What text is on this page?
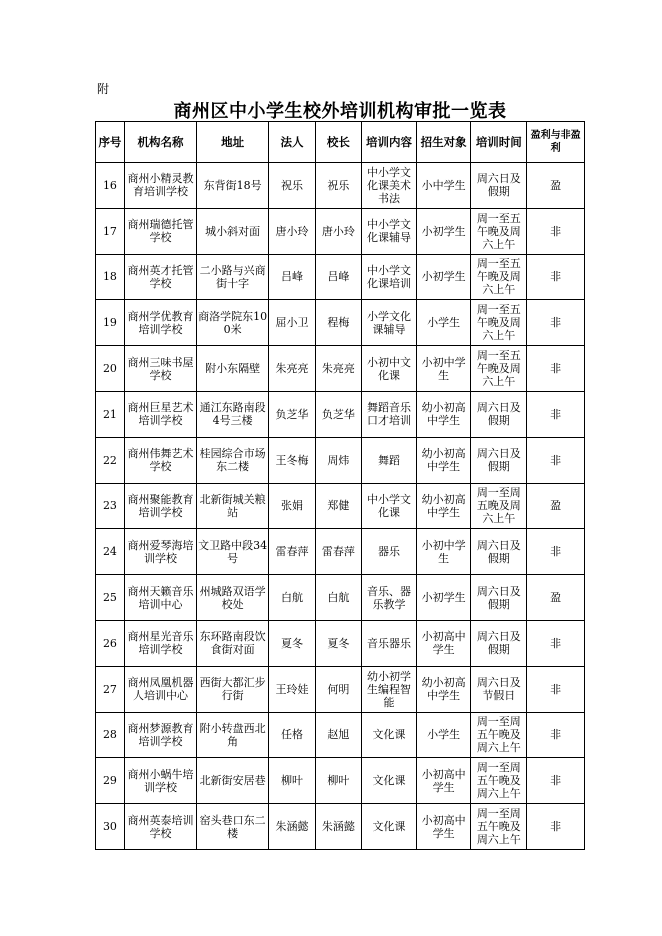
附
商州区中小学生校外培训机构审批一览表
序号	机构名称	地址	法人	校长	培训内容	招生对象	培训时间	盈利与非盈利
16	商州小精灵教育培训学校	东背街18号	祝乐	祝乐	中小学文化课美术书法	小中学生	周六日及假期	盈
17	商州瑞德托管学校	城小斜对面	唐小玲	唐小玲	中小学文化课辅导	小初学生	周一至五午晚及周六上午	非
18	商州英才托管学校	二小路与兴商街十字	吕峰	吕峰	中小学文化课培训	小初学生	周一至五午晚及周六上午	非
19	商州学优教育培训学校	商洛学院东100米	屈小卫	程梅	小学文化课辅导	小学生	周一至五午晚及周六上午	非
20	商州三味书屋学校	附小东隔壁	朱亮亮	朱亮亮	小初中文化课	小初中学生	周一至五午晚及周六上午	非
21	商州巨星艺术培训学校	通江东路南段4号三楼	负芝华	负芝华	舞蹈音乐口才培训	幼小初高中学生	周六日及假期	非
22	商州伟舞艺术学校	桂园综合市场东二楼	王冬梅	周炜	舞蹈	幼小初高中学生	周六日及假期	非
23	商州聚能教育培训学校	北新街城关粮站	张娟	郑健	中小学文化课	幼小初高中学生	周一至周五晚及周六上午	盈
24	商州爱琴海培训学校	文卫路中段34号	雷春萍	雷春萍	器乐	小初中学生	周六日及假期	非
25	商州天籁音乐培训中心	州城路双语学校处	白航	白航	音乐、器乐教学	小初学生	周六日及假期	盈
26	商州星光音乐培训学校	东环路南段饮食街对面	夏冬	夏冬	音乐器乐	小初高中学生	周六日及假期	非
27	商州凤凰机器人培训中心	西街大都汇步行街	王玲娃	何明	幼小初学生编程智能	幼小初高中学生	周六日及节假日	非
28	商州梦源教育培训学校	附小转盘西北角	任格	赵旭	文化课	小学生	周一至周五午晚及周六上午	非
29	商州小蜗牛培训学校	北新街安居巷	柳叶	柳叶	文化课	小初高中学生	周一至周五午晚及周六上午	非
30	商州英泰培训学校	窑头巷口东二楼	朱涵懿	朱涵懿	文化课	小初高中学生	周一至周五午晚及周六上午	非
